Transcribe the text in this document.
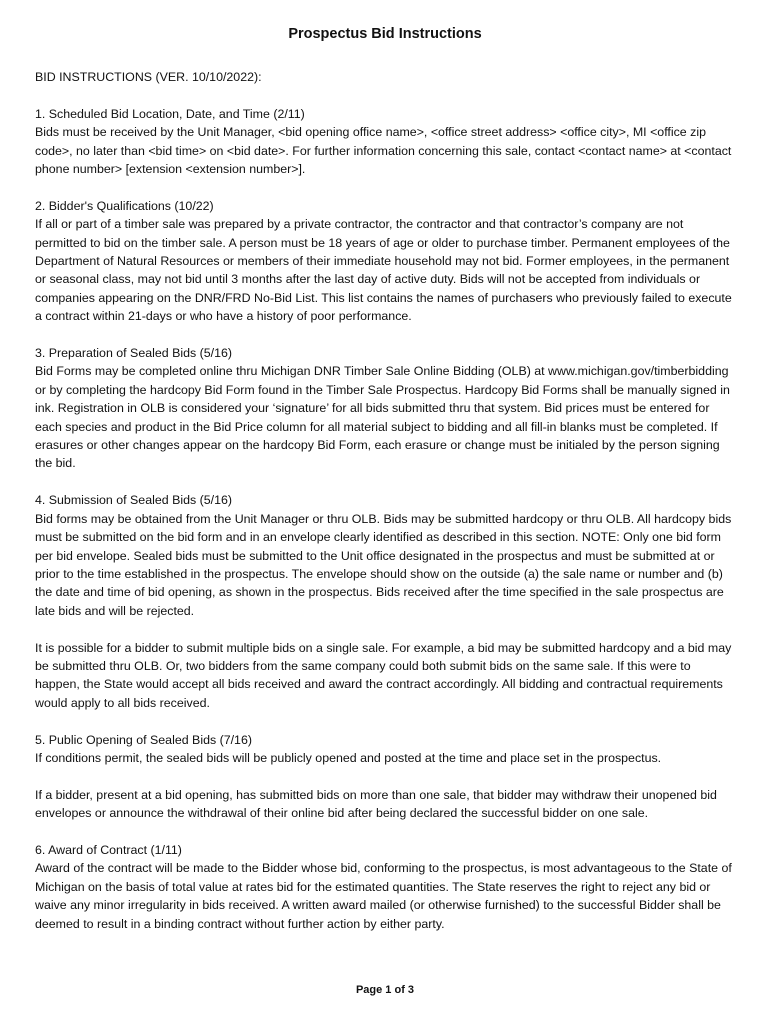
Prospectus Bid Instructions

BID INSTRUCTIONS (VER. 10/10/2022):

1. Scheduled Bid Location, Date, and Time (2/11)
Bids must be received by the Unit Manager, <bid opening office name>, <office street address> <office city>, MI <office zip code>, no later than <bid time> on <bid date>. For further information concerning this sale, contact <contact name> at <contact phone number> [extension <extension number>].

2. Bidder's Qualifications (10/22)
If all or part of a timber sale was prepared by a private contractor, the contractor and that contractor’s company are not permitted to bid on the timber sale. A person must be 18 years of age or older to purchase timber. Permanent employees of the Department of Natural Resources or members of their immediate household may not bid. Former employees, in the permanent or seasonal class, may not bid until 3 months after the last day of active duty. Bids will not be accepted from individuals or companies appearing on the DNR/FRD No-Bid List. This list contains the names of purchasers who previously failed to execute a contract within 21-days or who have a history of poor performance.

3. Preparation of Sealed Bids (5/16)
Bid Forms may be completed online thru Michigan DNR Timber Sale Online Bidding (OLB) at www.michigan.gov/timberbidding or by completing the hardcopy Bid Form found in the Timber Sale Prospectus. Hardcopy Bid Forms shall be manually signed in ink. Registration in OLB is considered your ‘signature’ for all bids submitted thru that system. Bid prices must be entered for each species and product in the Bid Price column for all material subject to bidding and all fill-in blanks must be completed. If erasures or other changes appear on the hardcopy Bid Form, each erasure or change must be initialed by the person signing the bid.

4. Submission of Sealed Bids (5/16)
Bid forms may be obtained from the Unit Manager or thru OLB. Bids may be submitted hardcopy or thru OLB. All hardcopy bids must be submitted on the bid form and in an envelope clearly identified as described in this section. NOTE: Only one bid form per bid envelope. Sealed bids must be submitted to the Unit office designated in the prospectus and must be submitted at or prior to the time established in the prospectus. The envelope should show on the outside (a) the sale name or number and (b) the date and time of bid opening, as shown in the prospectus. Bids received after the time specified in the sale prospectus are late bids and will be rejected.

It is possible for a bidder to submit multiple bids on a single sale. For example, a bid may be submitted hardcopy and a bid may be submitted thru OLB. Or, two bidders from the same company could both submit bids on the same sale. If this were to happen, the State would accept all bids received and award the contract accordingly. All bidding and contractual requirements would apply to all bids received.

5. Public Opening of Sealed Bids (7/16)
If conditions permit, the sealed bids will be publicly opened and posted at the time and place set in the prospectus.

If a bidder, present at a bid opening, has submitted bids on more than one sale, that bidder may withdraw their unopened bid envelopes or announce the withdrawal of their online bid after being declared the successful bidder on one sale.

6. Award of Contract (1/11)
Award of the contract will be made to the Bidder whose bid, conforming to the prospectus, is most advantageous to the State of Michigan on the basis of total value at rates bid for the estimated quantities. The State reserves the right to reject any bid or waive any minor irregularity in bids received. A written award mailed (or otherwise furnished) to the successful Bidder shall be deemed to result in a binding contract without further action by either party.

Page 1 of 3
